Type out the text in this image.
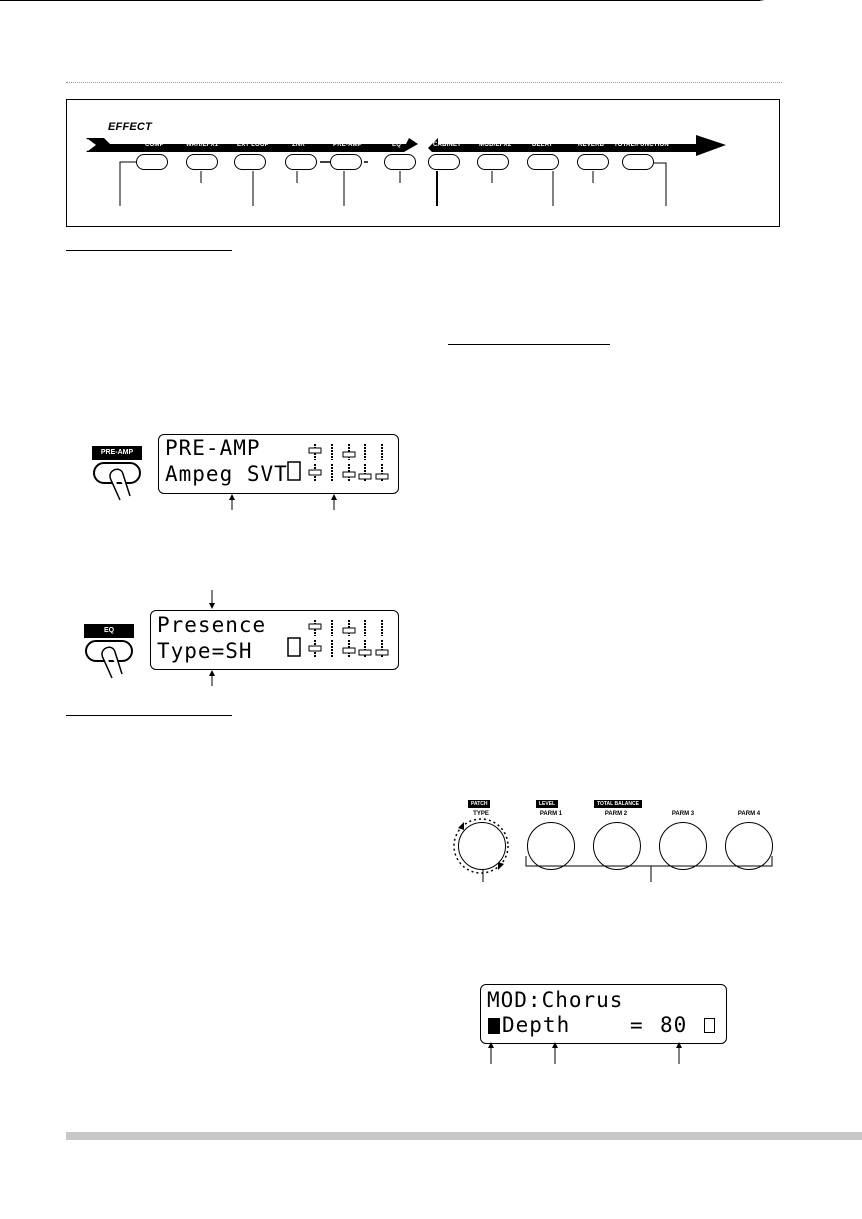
EFFECT
COMP	WAH/EFX1	EXT LOOP	ZNR	PRE-AMP	EQ	CABINET	MOD/EFX2	DELAY	REVERB TOTAL/FUNCTION
PRE-AMP	PRE-AMP
Ampeg SVT
EQ	Presence
Type=SH
PATCH
TYPE
LEVEL
PARM 1
TOTAL BALANCE
PARM 2	PARM 3	PARM 4
MOD:Chorus
Depth	= 80
